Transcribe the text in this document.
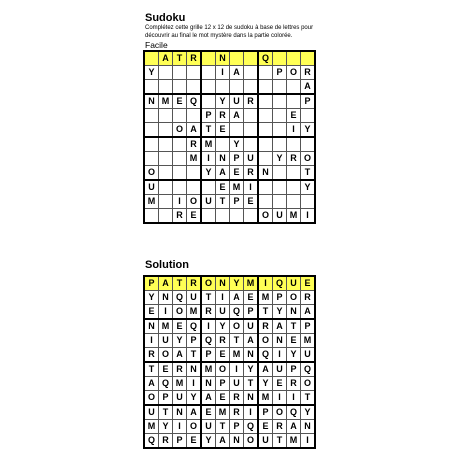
Sudoku
Complétez cette grille 12 x 12 de sudoku à base de lettres pour découvrir au final le mot mystère dans la partie colorée.
Facile
	A	T	R		N			Q			
Y					I	A			P	O	R
											A
N	M	E	Q		Y	U	R				P
				P	R	A				E	
		O	A	T	E					I	Y
			R	M		Y					
			M	I	N	P	U		Y	R	O
O				Y	A	E	R	N			T
U					E	M	I				Y
M		I	O	U	T	P	E				
		R	E					O	U	M	I
Solution
P	A	T	R	O	N	Y	M	I	Q	U	E
Y	N	Q	U	T	I	A	E	M	P	O	R
E	I	O	M	R	U	Q	P	T	Y	N	A
N	M	E	Q	I	Y	O	U	R	A	T	P
I	U	Y	P	Q	R	T	A	O	N	E	M
R	O	A	T	P	E	M	N	Q	I	Y	U
T	E	R	N	M	O	I	Y	A	U	P	Q
A	Q	M	I	N	P	U	T	Y	E	R	O
O	P	U	Y	A	E	R	N	M	I	I	T
U	T	N	A	E	M	R	I	P	O	Q	Y
M	Y	I	O	U	T	P	Q	E	R	A	N
Q	R	P	E	Y	A	N	O	U	T	M	I
